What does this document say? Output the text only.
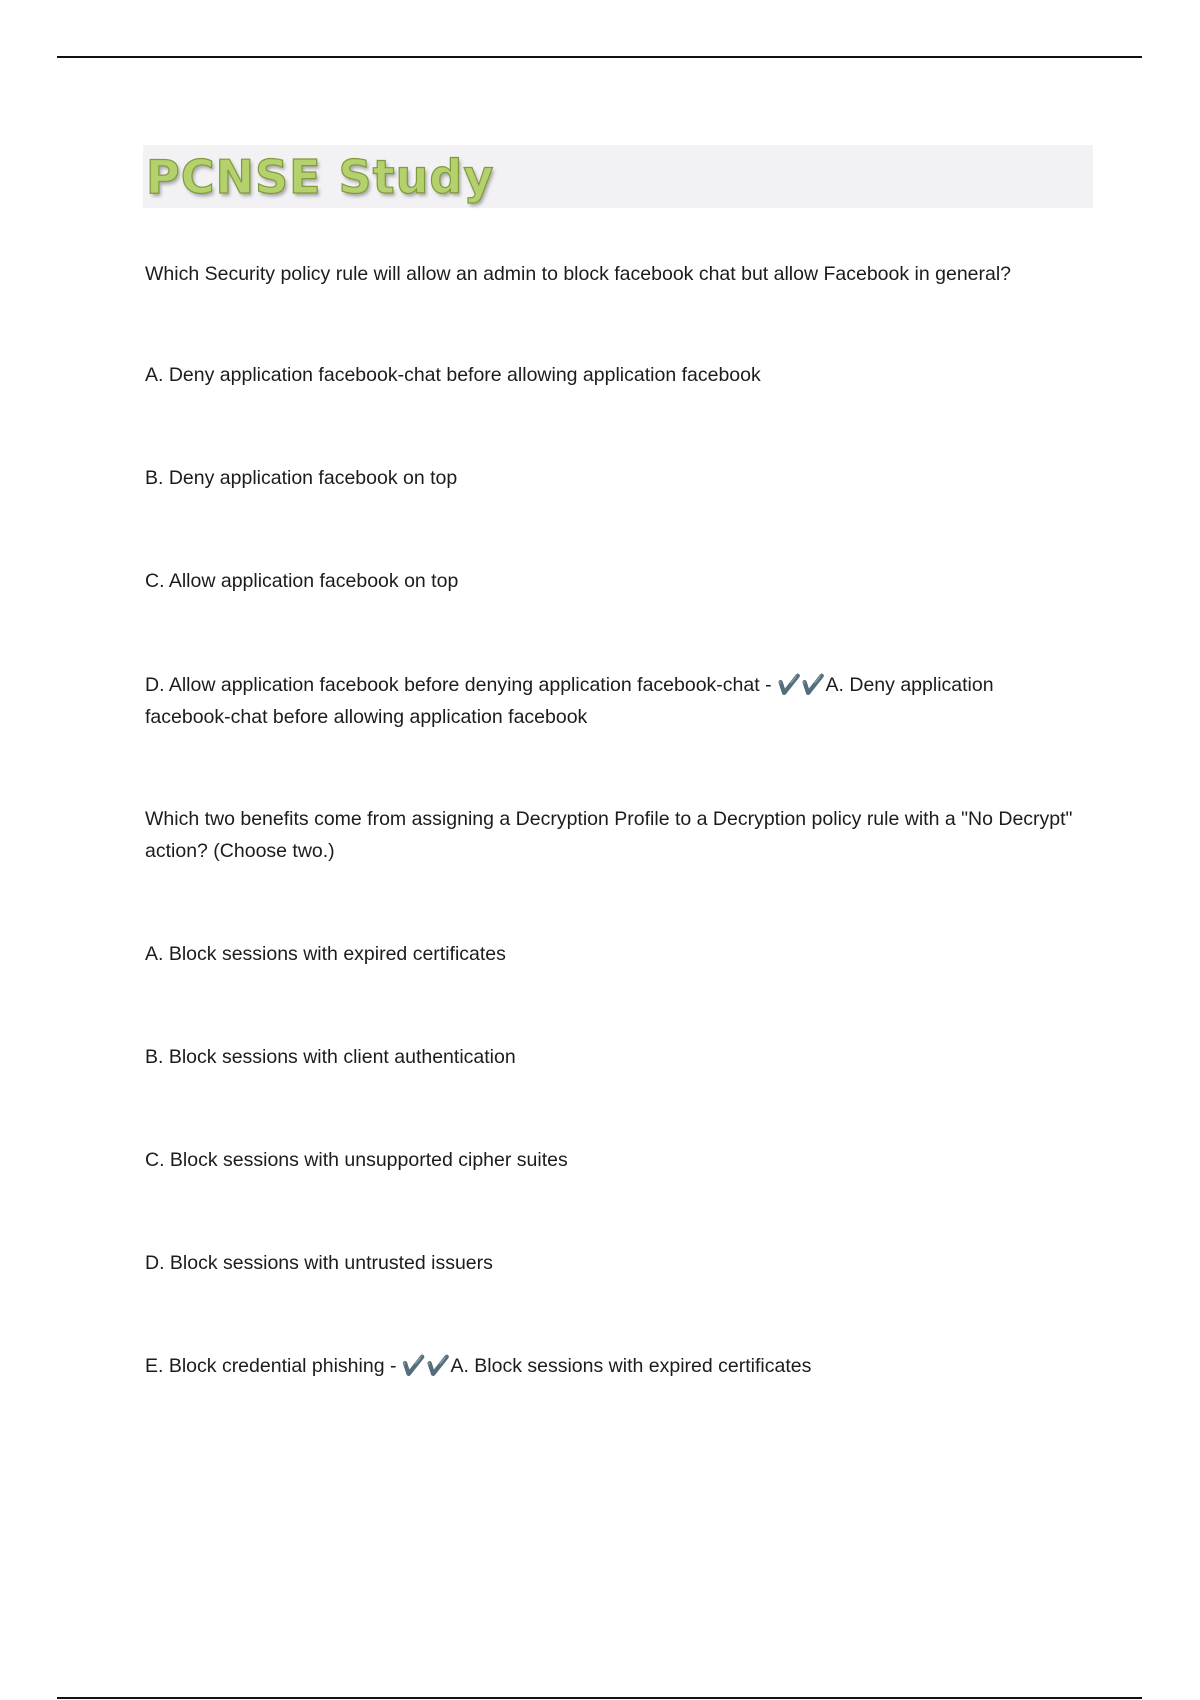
PCNSE Study
Which Security policy rule will allow an admin to block facebook chat but allow Facebook in general?
A. Deny application facebook-chat before allowing application facebook
B. Deny application facebook on top
C. Allow application facebook on top
D. Allow application facebook before denying application facebook-chat - ✔️✔️A. Deny application facebook-chat before allowing application facebook
Which two benefits come from assigning a Decryption Profile to a Decryption policy rule with a "No Decrypt" action? (Choose two.)
A. Block sessions with expired certificates
B. Block sessions with client authentication
C. Block sessions with unsupported cipher suites
D. Block sessions with untrusted issuers
E. Block credential phishing - ✔️✔️A. Block sessions with expired certificates
